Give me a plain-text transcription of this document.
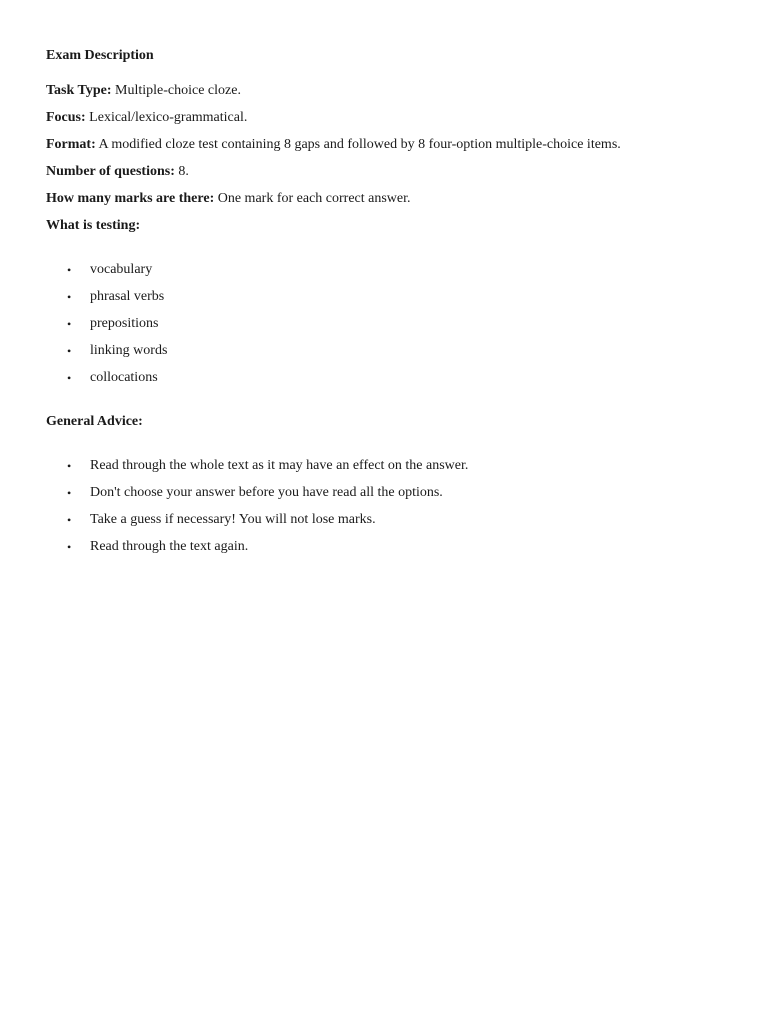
Exam Description
Task Type: Multiple-choice cloze.
Focus: Lexical/lexico-grammatical.
Format: A modified cloze test containing 8 gaps and followed by 8 four-option multiple-choice items.
Number of questions: 8.
How many marks are there: One mark for each correct answer.
What is testing:
• vocabulary
• phrasal verbs
• prepositions
• linking words
• collocations
General Advice:
• Read through the whole text as it may have an effect on the answer.
• Don't choose your answer before you have read all the options.
• Take a guess if necessary! You will not lose marks.
• Read through the text again.
